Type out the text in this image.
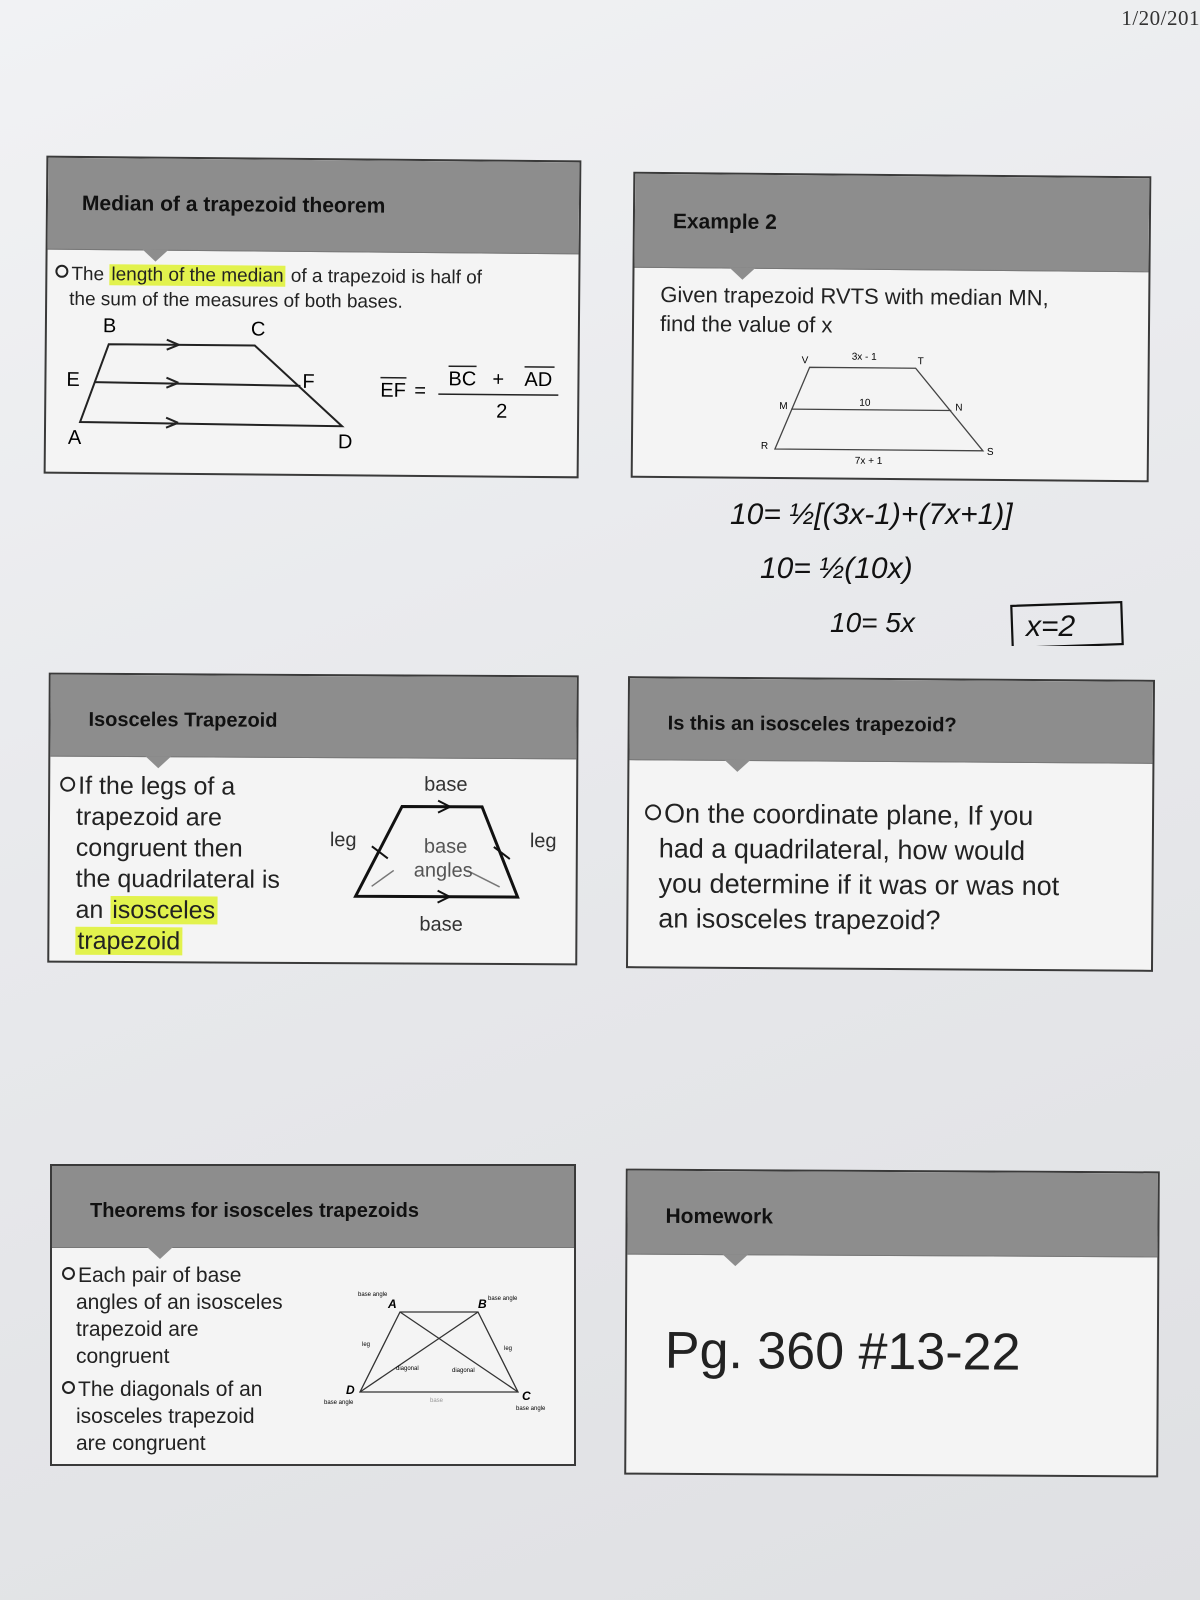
1/20/201
Median of a trapezoid theorem
The length of the median of a trapezoid is half of
the sum of the measures of both bases.
B	C
E	F
A	D
EF =
BC + AD
2
Example 2
Given trapezoid RVTS with median MN,
find the value of x
V	T
3x - 1
M	N
10
R
S
7x + 1
10= ½[(3x-1)+(7x+1)]
10= ½(10x)
10= 5x	x=2
Isosceles Trapezoid
If the legs of a
trapezoid are
congruent then
the quadrilateral is
an isosceles
trapezoid
base
leg	base
angles
leg
base
Is this an isosceles trapezoid?
On the coordinate plane, If you
had a quadrilateral, how would
you determine if it was or was not
an isosceles trapezoid?
Theorems for isosceles trapezoids
Each pair of base
angles of an isosceles
trapezoid are
congruent
The diagonals of an
isosceles trapezoid
are congruent
A	B
C
D
base angle
base angle
base angle
base angle
leg
leg
diagonal	diagonal
base
Homework
Pg. 360 #13-22
